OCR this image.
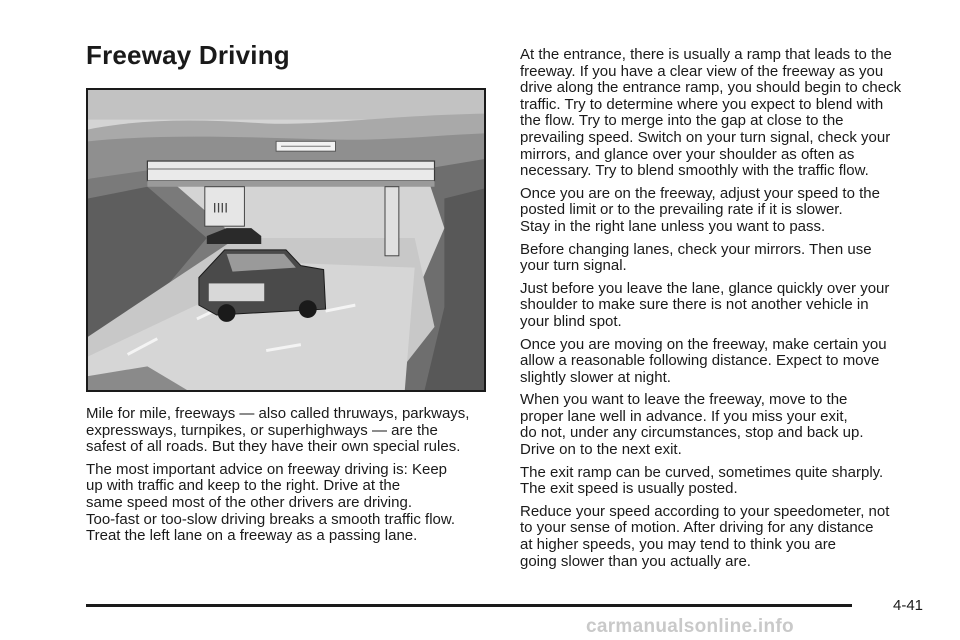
Freeway Driving
IIII

Mile for mile, freeways — also called thruways, parkways,
expressways, turnpikes, or superhighways — are the
safest of all roads. But they have their own special rules.

The most important advice on freeway driving is: Keep
up with traffic and keep to the right. Drive at the
same speed most of the other drivers are driving.
Too-fast or too-slow driving breaks a smooth traffic flow.
Treat the left lane on a freeway as a passing lane.

At the entrance, there is usually a ramp that leads to the
freeway. If you have a clear view of the freeway as you
drive along the entrance ramp, you should begin to check
traffic. Try to determine where you expect to blend with
the flow. Try to merge into the gap at close to the
prevailing speed. Switch on your turn signal, check your
mirrors, and glance over your shoulder as often as
necessary. Try to blend smoothly with the traffic flow.

Once you are on the freeway, adjust your speed to the
posted limit or to the prevailing rate if it is slower.
Stay in the right lane unless you want to pass.

Before changing lanes, check your mirrors. Then use
your turn signal.

Just before you leave the lane, glance quickly over your
shoulder to make sure there is not another vehicle in
your blind spot.

Once you are moving on the freeway, make certain you
allow a reasonable following distance. Expect to move
slightly slower at night.

When you want to leave the freeway, move to the
proper lane well in advance. If you miss your exit,
do not, under any circumstances, stop and back up.
Drive on to the next exit.

The exit ramp can be curved, sometimes quite sharply.
The exit speed is usually posted.

Reduce your speed according to your speedometer, not
to your sense of motion. After driving for any distance
at higher speeds, you may tend to think you are
going slower than you actually are.

4-41
carmanualsonline.info
